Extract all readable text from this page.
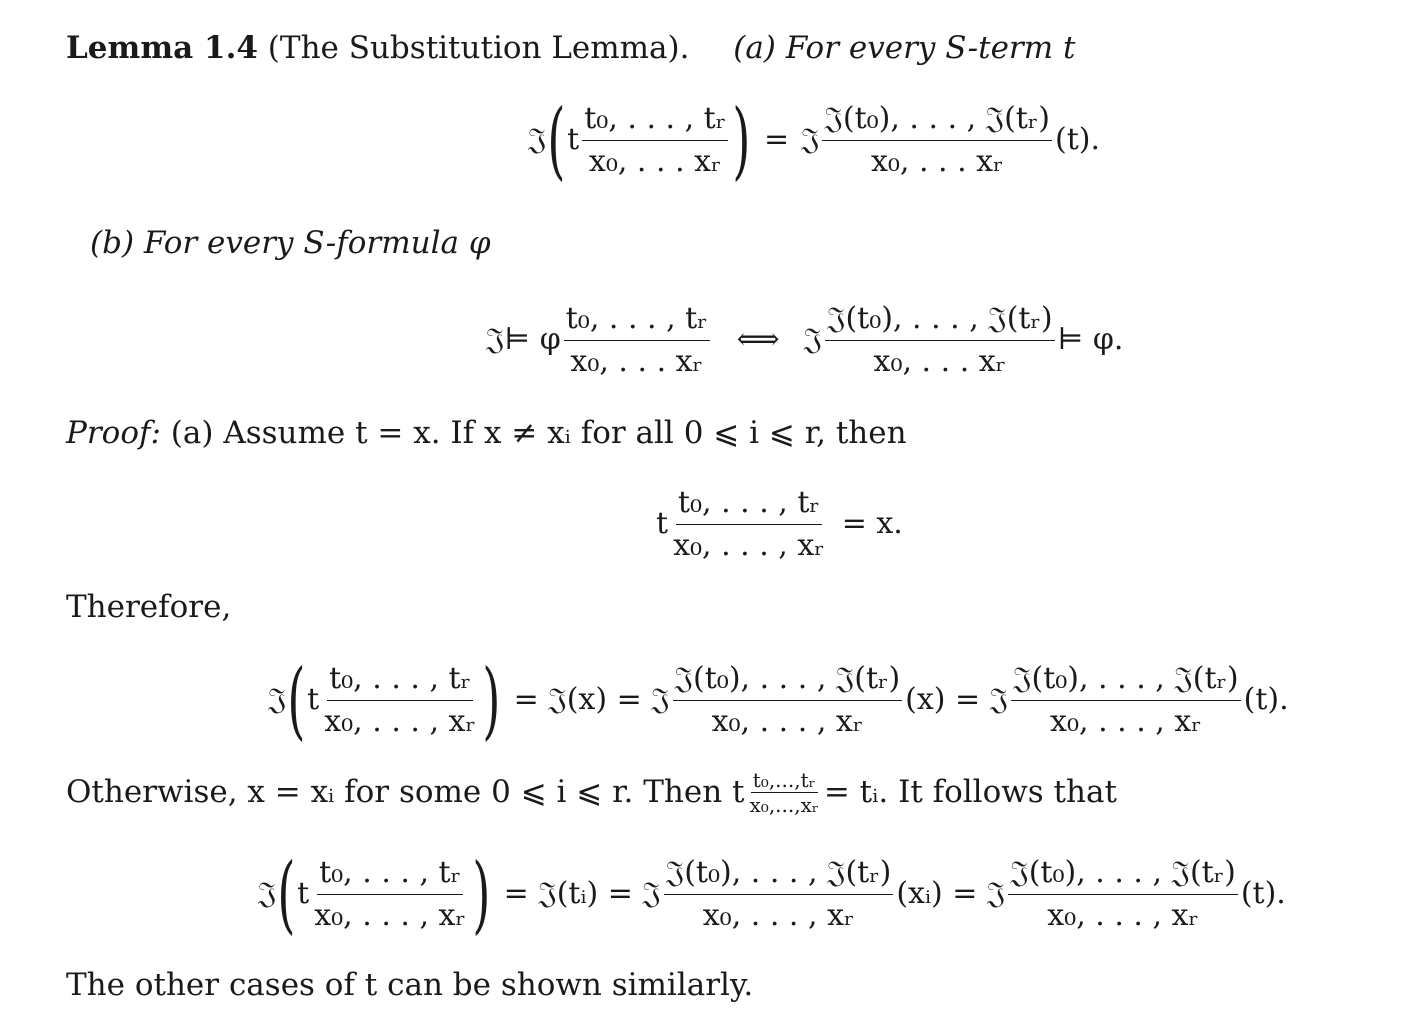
Lemma 1.4 (The Substitution Lemma). (a) For every S-term t
𝔍 ( t $\frac{\text{t₀, . . . , tᵣ}}{\text{x₀, . . . xᵣ}}$ ) = 𝔍 $\frac{\text{𝔍(t₀), . . . , 𝔍(tᵣ)}}{\text{x₀, . . . xᵣ}} (t)$.
(b) For every S-formula φ
𝔍 ⊨ φ $\frac{\text{t₀, . . . , tᵣ}}{\text{x₀, . . . xᵣ}}$ ⟺ 𝔍 $\frac{\text{𝔍(t₀), . . . , 𝔍(tᵣ)}}{\text{x₀, . . . xᵣ}}$ ⊨ φ.
Proof: (a) Assume t = x. If x ≠ xᵢ for all 0 ⩽ i ⩽ r, then
t $\frac{\text{t₀, . . . , tᵣ}}{\text{x₀, . . . , xᵣ}} = x$.
Therefore,
𝔍 ( t $\frac{\text{t₀, . . . , tᵣ}}{\text{x₀, . . . , xᵣ}}$ ) = 𝔍(x) = 𝔍 $\frac{\text{𝔍(t₀), . . . , 𝔍(tᵣ)}}{\text{x₀, . . . , xᵣ}} (x)$ = 𝔍 $\frac{\text{𝔍(t₀), . . . , 𝔍(tᵣ)}}{\text{x₀, . . . , xᵣ}} (t)$.
Otherwise, x = xᵢ for some 0 ⩽ i ⩽ r. Then t $\frac{\text{t₀,...,tᵣ}}{\text{x₀,...,xᵣ}}$ = tᵢ. It follows that
𝔍 ( t $\frac{\text{t₀, . . . , tᵣ}}{\text{x₀, . . . , xᵣ}}$ ) = 𝔍(tᵢ) = 𝔍 $\frac{\text{𝔍(t₀), . . . , 𝔍(tᵣ)}}{\text{x₀, . . . , xᵣ}}$ (xᵢ) = 𝔍 $\frac{\text{𝔍(t₀), . . . , 𝔍(tᵣ)}}{\text{x₀, . . . , xᵣ}} (t)$.
The other cases of t can be shown similarly.
